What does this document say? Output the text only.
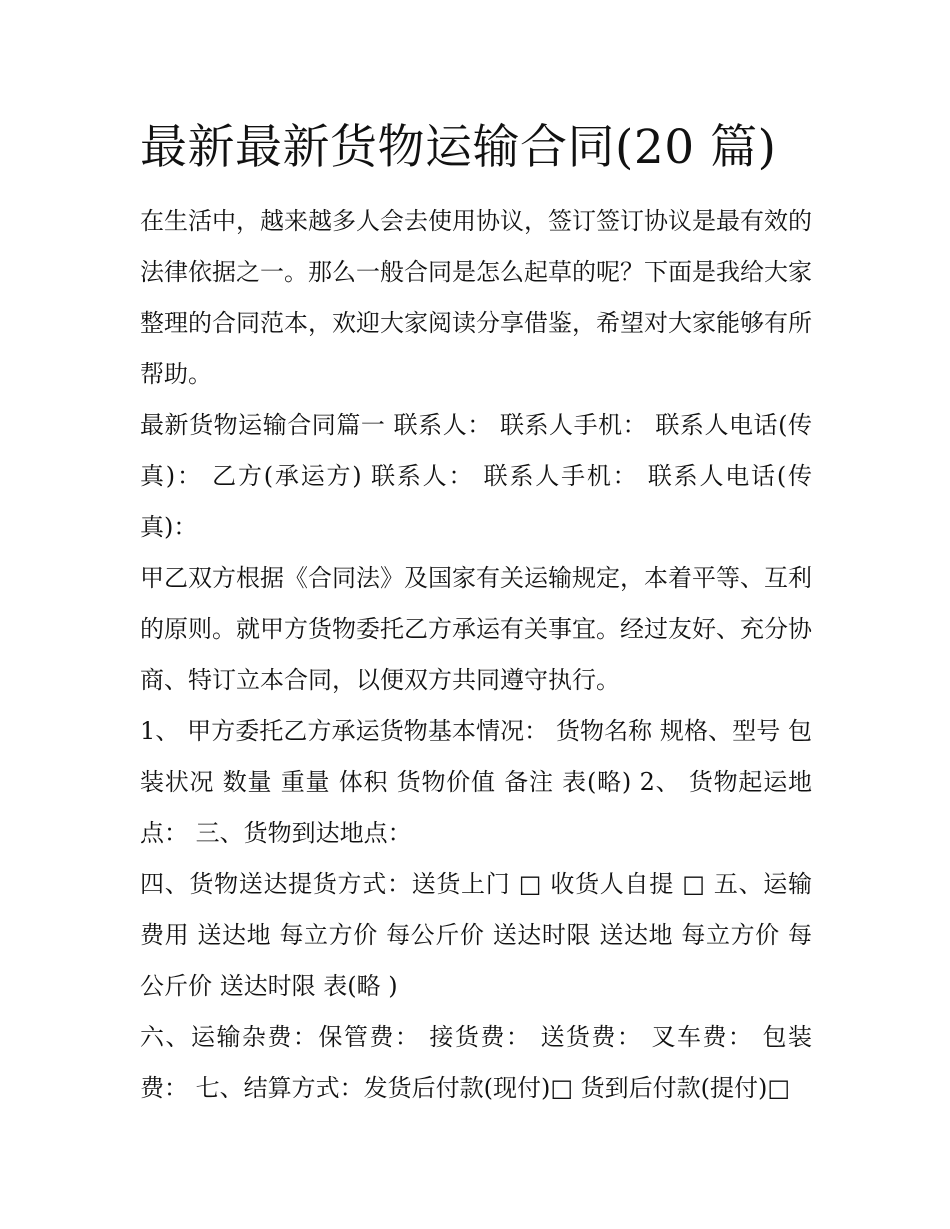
最新最新货物运输合同(20 篇)

在生活中，越来越多人会去使用协议，签订签订协议是最有效的法律依据之一。那么一般合同是怎么起草的呢？下面是我给大家整理的合同范本，欢迎大家阅读分享借鉴，希望对大家能够有所帮助。

最新货物运输合同篇一 联系人： 联系人手机： 联系人电话(传真)： 乙方(承运方) 联系人： 联系人手机： 联系人电话(传真)：

甲乙双方根据《合同法》及国家有关运输规定，本着平等、互利的原则。就甲方货物委托乙方承运有关事宜。经过友好、充分协商、特订立本合同，以便双方共同遵守执行。

1、 甲方委托乙方承运货物基本情况： 货物名称 规格、型号 包装状况 数量 重量 体积 货物价值 备注 表(略) 2、 货物起运地点： 三、货物到达地点：

四、货物送达提货方式：送货上门 □ 收货人自提 □ 五、运输费用 送达地 每立方价 每公斤价 送达时限 送达地 每立方价 每公斤价 送达时限 表(略 )

六、运输杂费：保管费： 接货费： 送货费： 叉车费： 包装费： 七、结算方式：发货后付款(现付)□ 货到后付款(提付)□
